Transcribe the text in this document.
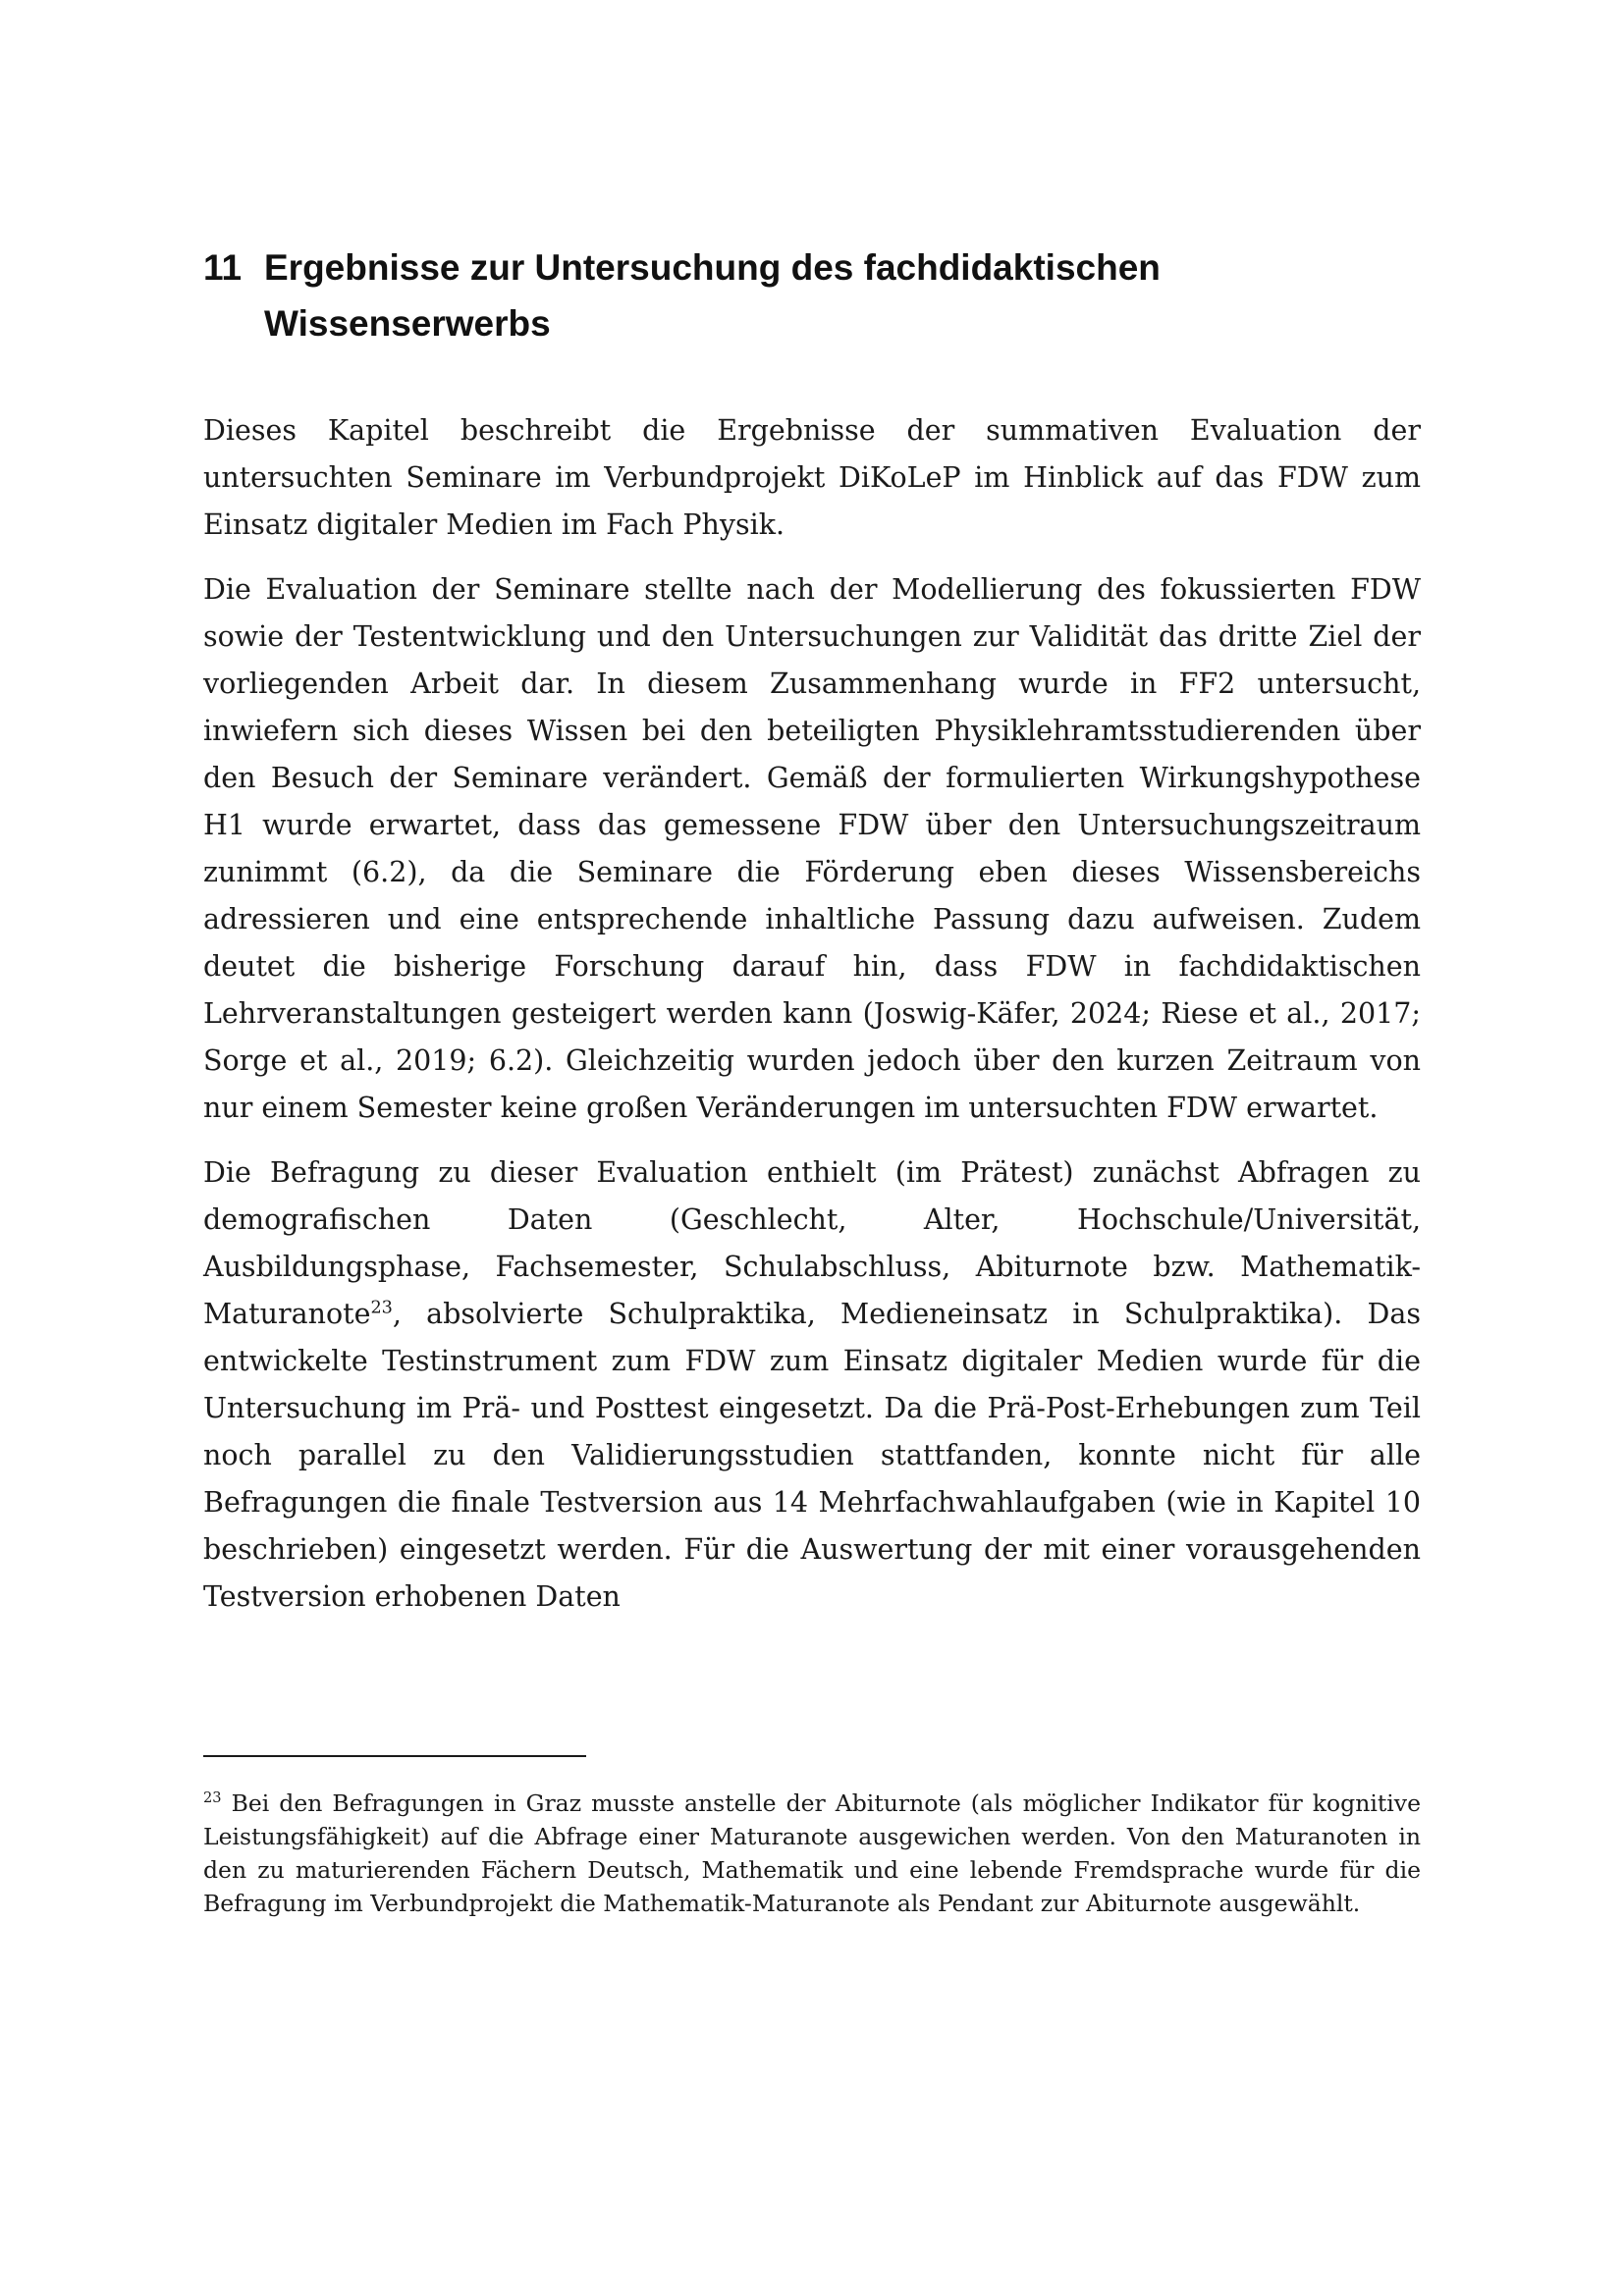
11 Ergebnisse zur Untersuchung des fachdidaktischen Wissenserwerbs

Dieses Kapitel beschreibt die Ergebnisse der summativen Evaluation der untersuchten Seminare im Verbundprojekt DiKoLeP im Hinblick auf das FDW zum Einsatz digitaler Medien im Fach Physik.

Die Evaluation der Seminare stellte nach der Modellierung des fokussierten FDW sowie der Testentwicklung und den Untersuchungen zur Validität das dritte Ziel der vorliegenden Arbeit dar. In diesem Zusammenhang wurde in FF2 untersucht, inwiefern sich dieses Wissen bei den beteiligten Physiklehramtsstudierenden über den Besuch der Seminare verändert. Gemäß der formulierten Wirkungshypothese H1 wurde erwartet, dass das gemessene FDW über den Untersuchungszeitraum zunimmt (6.2), da die Seminare die Förderung eben dieses Wissensbereichs adressieren und eine entsprechende inhaltliche Passung dazu aufweisen. Zudem deutet die bisherige Forschung darauf hin, dass FDW in fachdidaktischen Lehrveranstaltungen gesteigert werden kann (Joswig-Käfer, 2024; Riese et al., 2017; Sorge et al., 2019; 6.2). Gleichzeitig wurden jedoch über den kurzen Zeitraum von nur einem Semester keine großen Veränderungen im untersuchten FDW erwartet.

Die Befragung zu dieser Evaluation enthielt (im Prätest) zunächst Abfragen zu demografischen Daten (Geschlecht, Alter, Hochschule/Universität, Ausbildungsphase, Fachsemester, Schulabschluss, Abiturnote bzw. Mathematik-Maturanote$^{23}$, absolvierte Schulpraktika, Medieneinsatz in Schulpraktika). Das entwickelte Testinstrument zum FDW zum Einsatz digitaler Medien wurde für die Untersuchung im Prä- und Posttest eingesetzt. Da die Prä-Post-Erhebungen zum Teil noch parallel zu den Validierungsstudien stattfanden, konnte nicht für alle Befragungen die finale Testversion aus 14 Mehrfachwahlaufgaben (wie in Kapitel 10 beschrieben) eingesetzt werden. Für die Auswertung der mit einer vorausgehenden Testversion erhobenen Daten

$^{23}$ Bei den Befragungen in Graz musste anstelle der Abiturnote (als möglicher Indikator für kognitive Leistungsfähigkeit) auf die Abfrage einer Maturanote ausgewichen werden. Von den Maturanoten in den zu maturierenden Fächern Deutsch, Mathematik und eine lebende Fremdsprache wurde für die Befragung im Verbundprojekt die Mathematik-Maturanote als Pendant zur Abiturnote ausgewählt.
